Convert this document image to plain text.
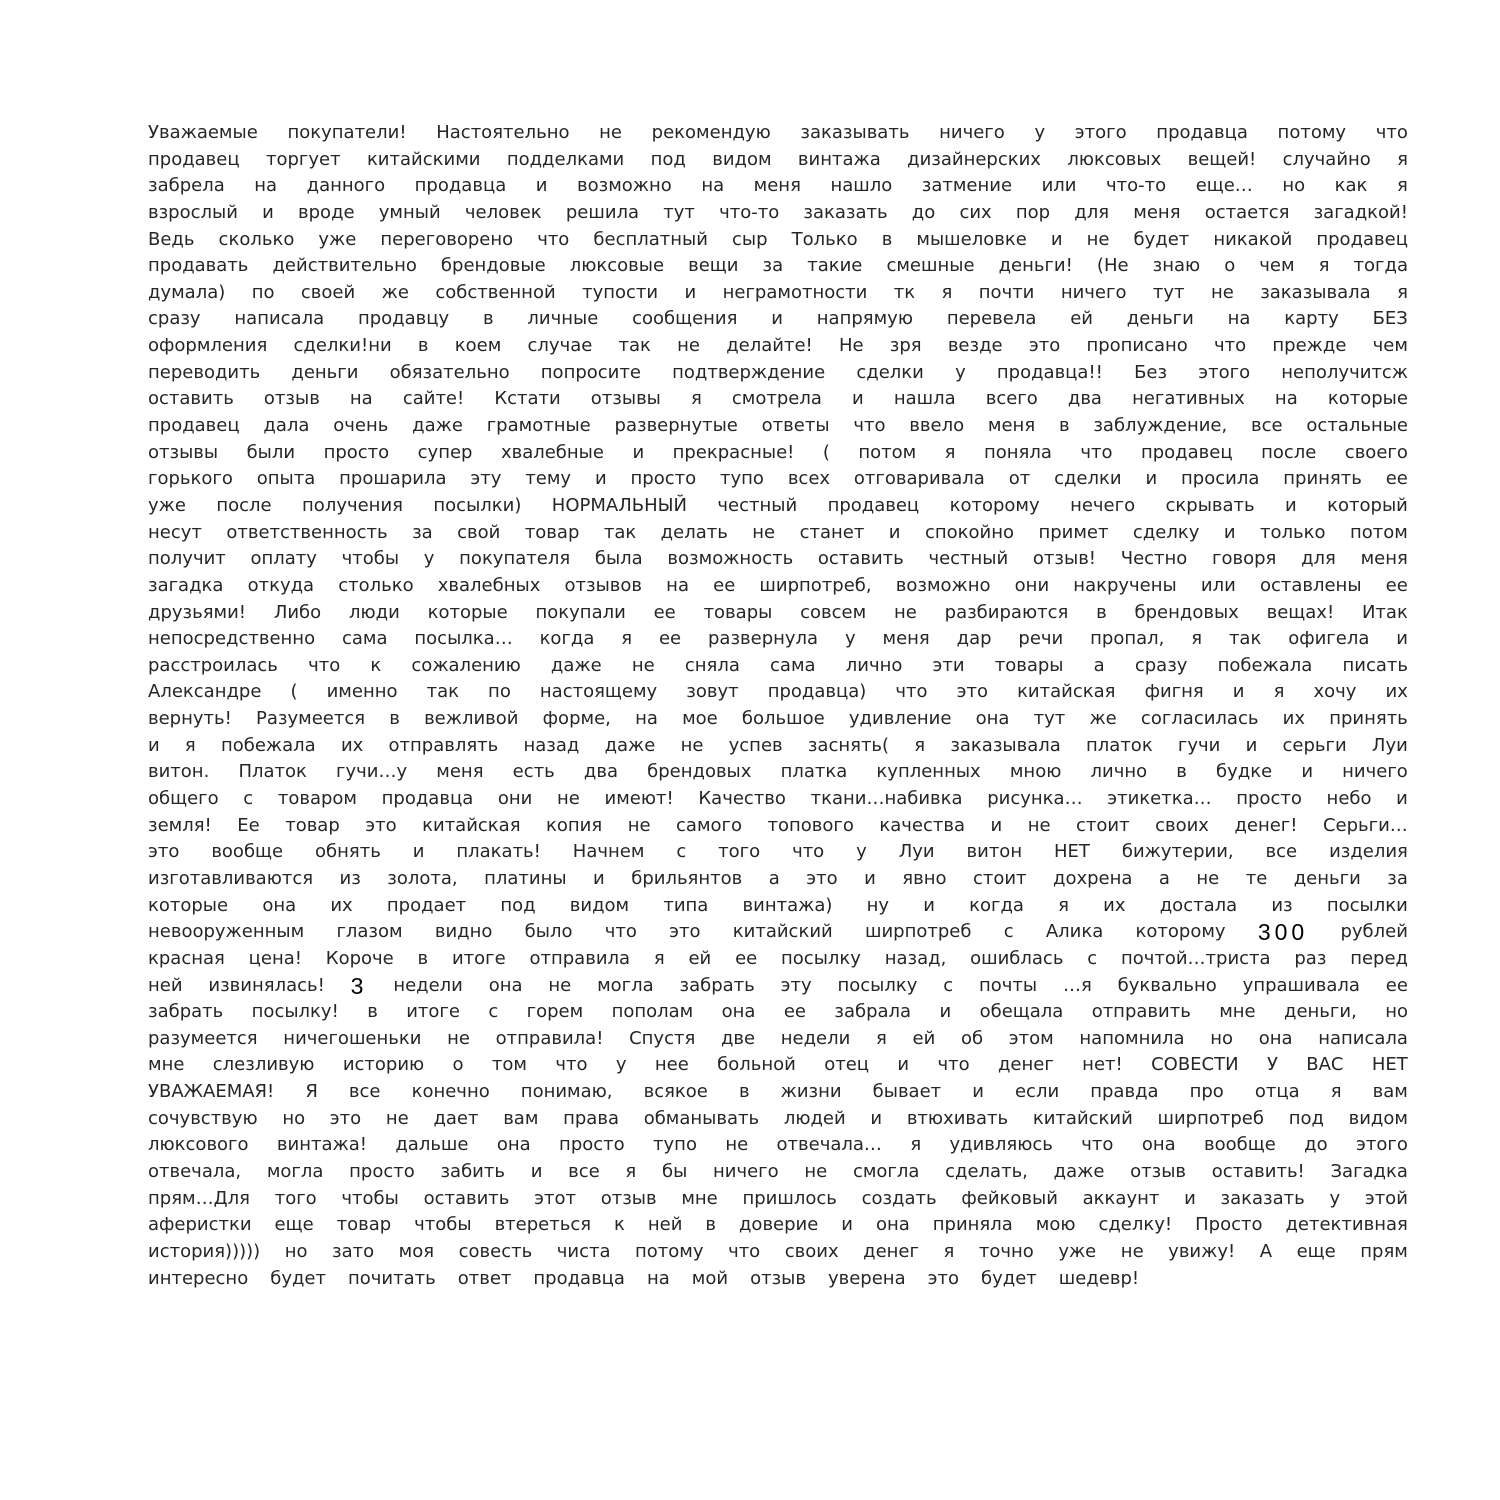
Уважаемые покупатели! Настоятельно не рекомендую заказывать ничего у этого продавца потому что
продавец торгует китайскими подделками под видом винтажа дизайнерских люксовых вещей! случайно я
забрела на данного продавца и возможно на меня нашло затмение или что-то еще… но как я
взрослый и вроде умный человек решила тут что-то заказать до сих пор для меня остается загадкой!
Ведь сколько уже переговорено что бесплатный сыр Только в мышеловке и не будет никакой продавец
продавать действительно брендовые люксовые вещи за такие смешные деньги! (Не знаю о чем я тогда
думала) по своей же собственной тупости и неграмотности тк я почти ничего тут не заказывала я
сразу написала продавцу в личные сообщения и напрямую перевела ей деньги на карту БЕЗ
оформления сделки!ни в коем случае так не делайте! Не зря везде это прописано что прежде чем
переводить деньги обязательно попросите подтверждение сделки у продавца!! Без этого неполучитсж
оставить отзыв на сайте! Кстати отзывы я смотрела и нашла всего два негативных на которые
продавец дала очень даже грамотные развернутые ответы что ввело меня в заблуждение, все остальные
отзывы были просто супер хвалебные и прекрасные! ( потом я поняла что продавец после своего
горького опыта прошарила эту тему и просто тупо всех отговаривала от сделки и просила принять ее
уже после получения посылки) НОРМАЛЬНЫЙ честный продавец которому нечего скрывать и который
несут ответственность за свой товар так делать не станет и спокойно примет сделку и только потом
получит оплату чтобы у покупателя была возможность оставить честный отзыв! Честно говоря для меня
загадка откуда столько хвалебных отзывов на ее ширпотреб, возможно они накручены или оставлены ее
друзьями! Либо люди которые покупали ее товары совсем не разбираются в брендовых вещах! Итак
непосредственно сама посылка… когда я ее развернула у меня дар речи пропал, я так офигела и
расстроилась что к сожалению даже не сняла сама лично эти товары а сразу побежала писать
Александре ( именно так по настоящему зовут продавца) что это китайская фигня и я хочу их
вернуть! Разумеется в вежливой форме, на мое большое удивление она тут же согласилась их принять
и я побежала их отправлять назад даже не успев заснять( я заказывала платок гучи и серьги Луи
витон. Платок гучи…у меня есть два брендовых платка купленных мною лично в будке и ничего
общего с товаром продавца они не имеют! Качество ткани…набивка рисунка… этикетка… просто небо и
земля! Ее товар это китайская копия не самого топового качества и не стоит своих денег! Серьги…
это вообще обнять и плакать! Начнем с того что у Луи витон НЕТ бижутерии, все изделия
изготавливаются из золота, платины и брильянтов а это и явно стоит дохрена а не те деньги за
которые она их продает под видом типа винтажа) ну и когда я их достала из посылки
невооруженным глазом видно было что это китайский ширпотреб с Алика которому 300 рублей
красная цена! Короче в итоге отправила я ей ее посылку назад, ошиблась с почтой…триста раз перед
ней извинялась! 3 недели она не могла забрать эту посылку с почты …я буквально упрашивала ее
забрать посылку! в итоге с горем пополам она ее забрала и обещала отправить мне деньги, но
разумеется ничегошеньки не отправила! Спустя две недели я ей об этом напомнила но она написала
мне слезливую историю о том что у нее больной отец и что денег нет! СОВЕСТИ У ВАС НЕТ
УВАЖАЕМАЯ! Я все конечно понимаю, всякое в жизни бывает и если правда про отца я вам
сочувствую но это не дает вам права обманывать людей и втюхивать китайский ширпотреб под видом
люксового винтажа! дальше она просто тупо не отвечала… я удивляюсь что она вообще до этого
отвечала, могла просто забить и все я бы ничего не смогла сделать, даже отзыв оставить! Загадка
прям…Для того чтобы оставить этот отзыв мне пришлось создать фейковый аккаунт и заказать у этой
аферистки еще товар чтобы втереться к ней в доверие и она приняла мою сделку! Просто детективная
история))))) но зато моя совесть чиста потому что своих денег я точно уже не увижу! А еще прям
интересно будет почитать ответ продавца на мой отзыв уверена это будет шедевр!
